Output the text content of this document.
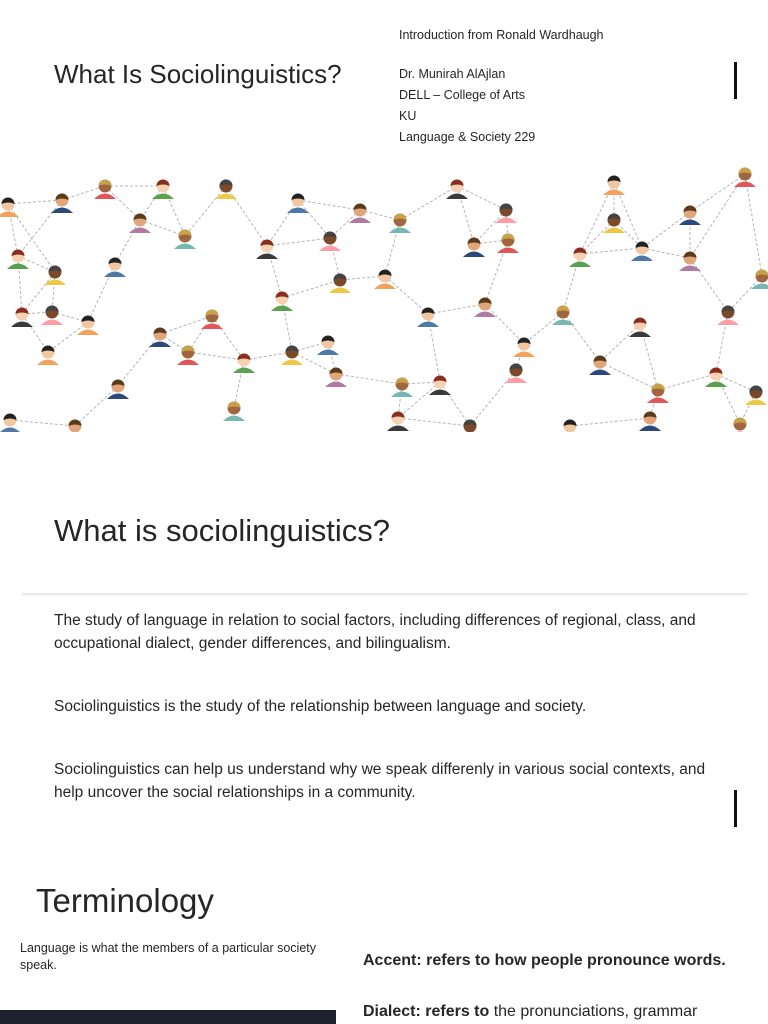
What Is Sociolinguistics?
Introduction from Ronald Wardhaugh
Dr. Munirah AlAjlan
DELL – College of Arts
KU
Language & Society 229
What is sociolinguistics?
The study of language in relation to social factors, including differences of regional, class, and occupational dialect, gender differences, and bilingualism.
Sociolinguistics is the study of the relationship between language and society.
Sociolinguistics can help us understand why we speak differenly in various social contexts, and help uncover the social relationships in a community.
Terminology
Language is what the members of a particular society speak.	Accent: refers to how people pronounce words.
Dialect: refers to the pronunciations, grammar
